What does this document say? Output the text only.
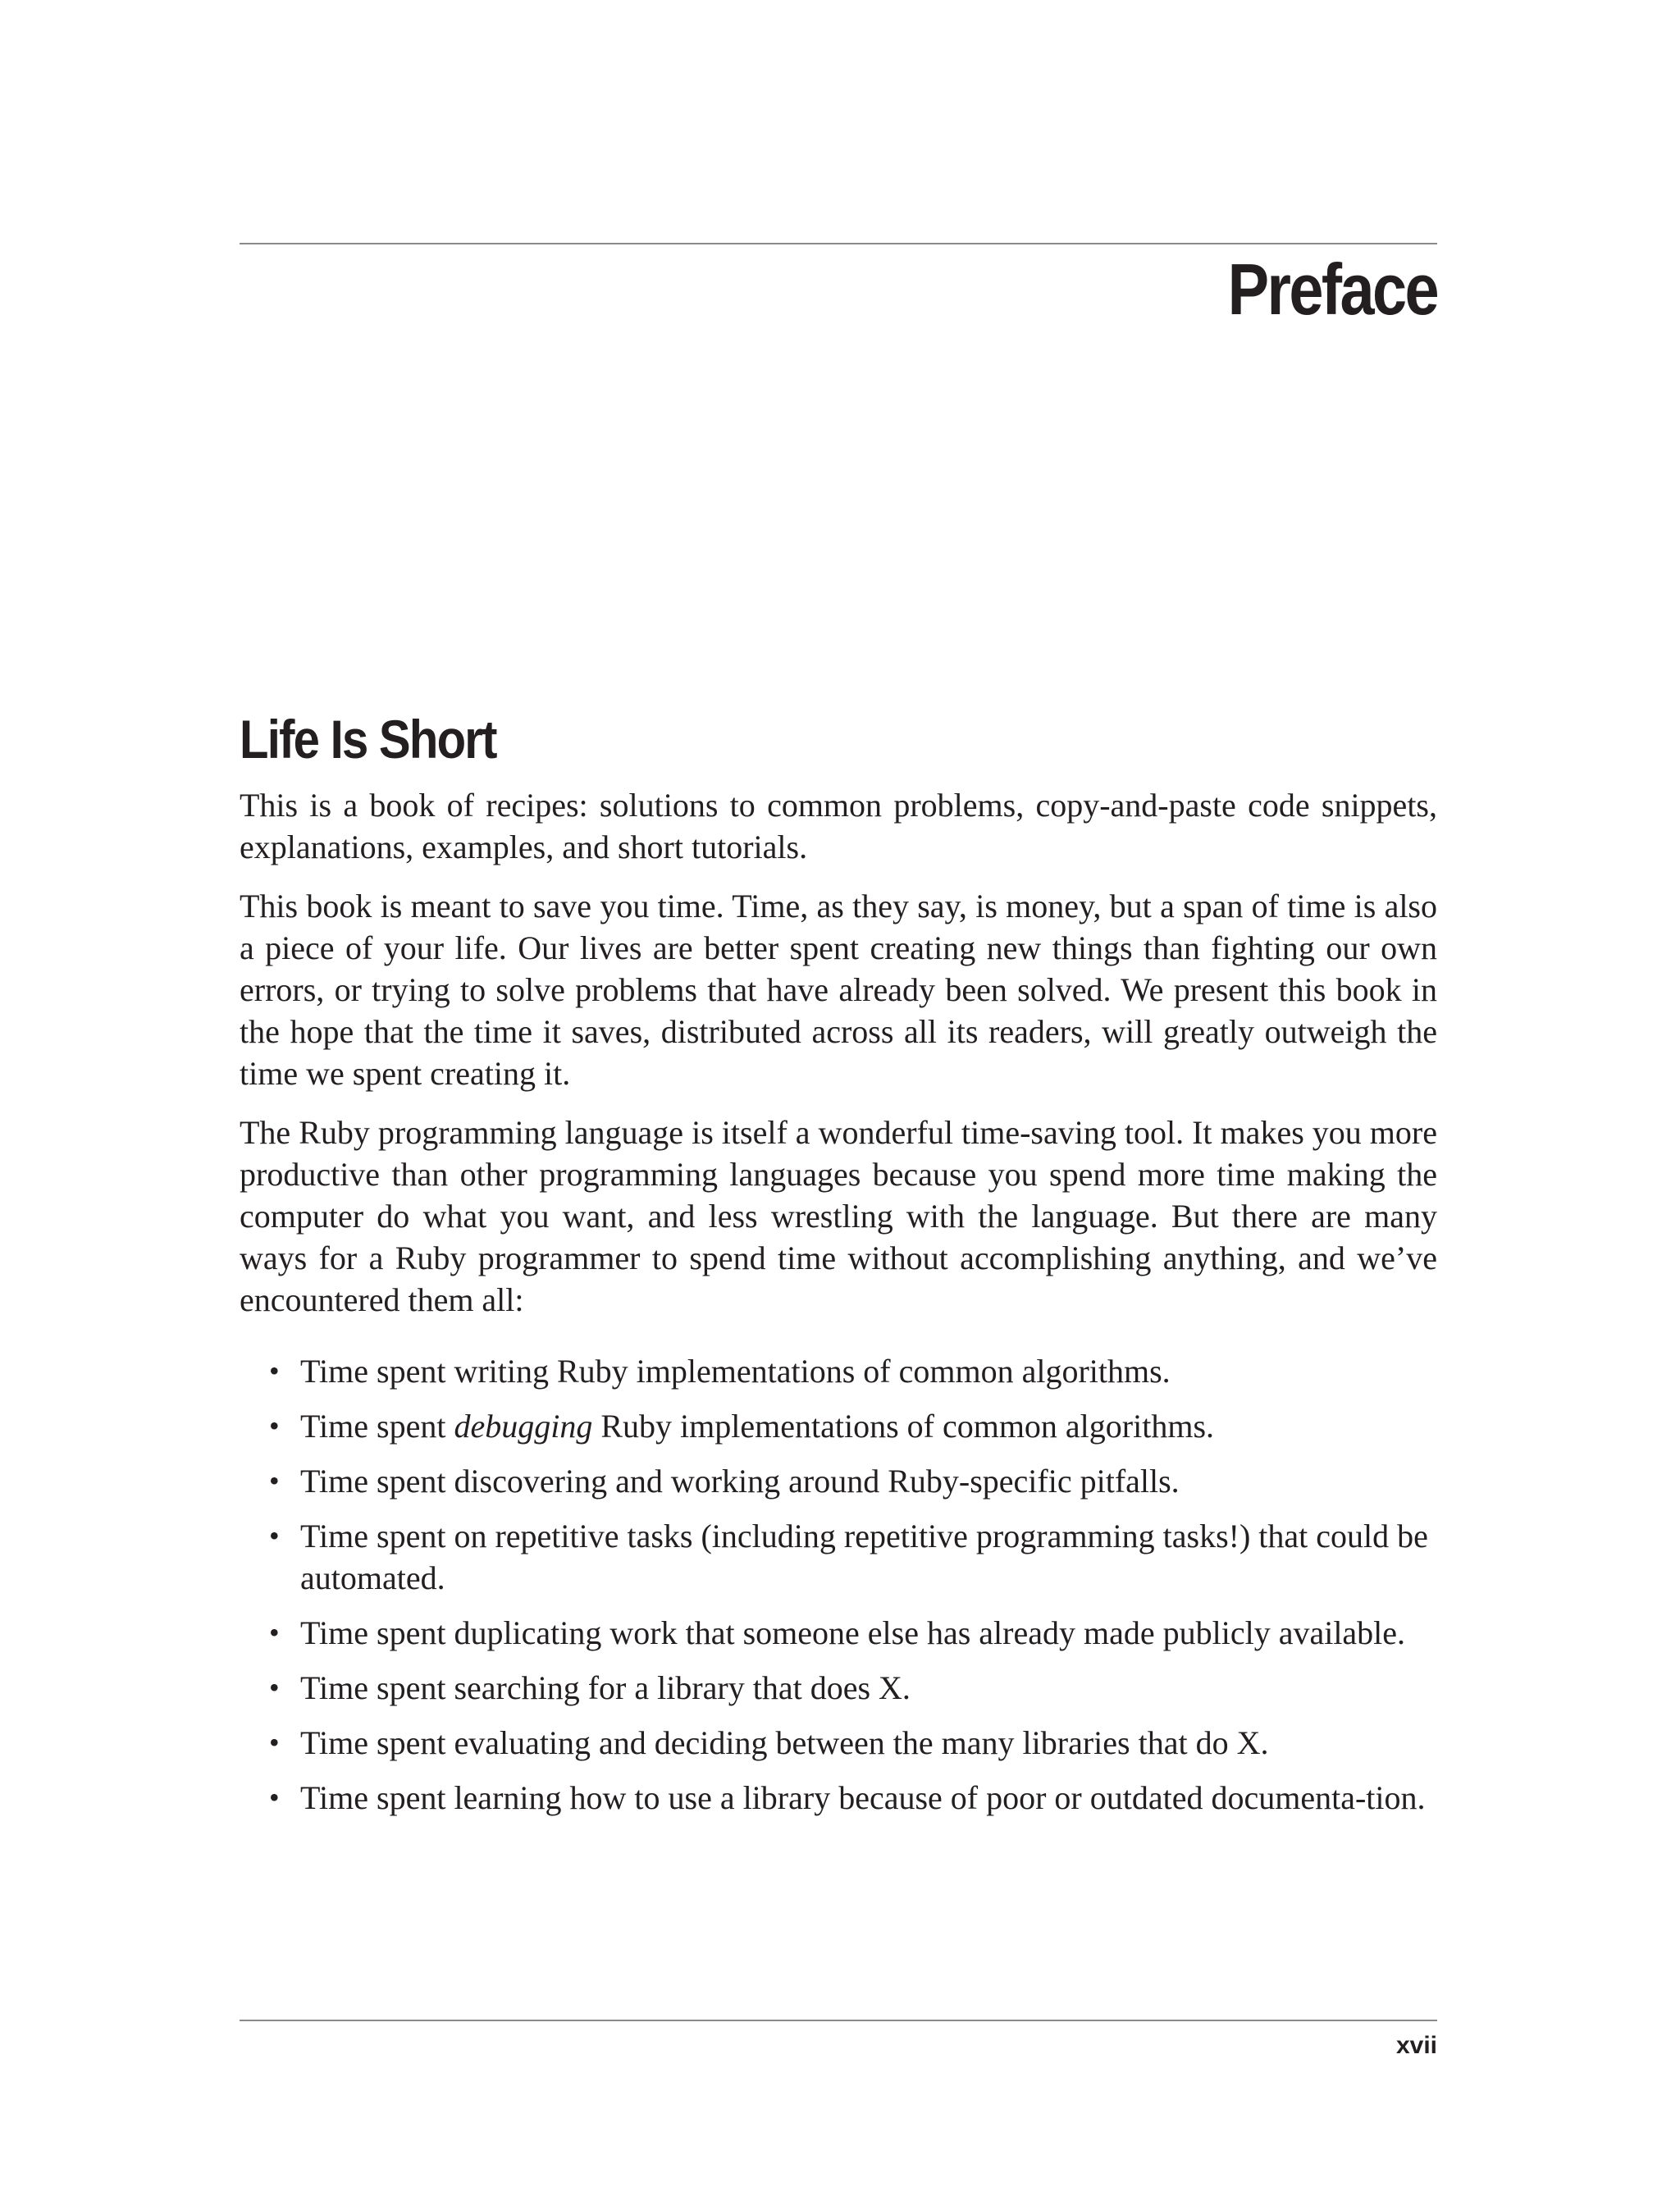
Preface
Life Is Short

This is a book of recipes: solutions to common problems, copy-and-paste code snippets, explanations, examples, and short tutorials.

This book is meant to save you time. Time, as they say, is money, but a span of time is also a piece of your life. Our lives are better spent creating new things than fighting our own errors, or trying to solve problems that have already been solved. We present this book in the hope that the time it saves, distributed across all its readers, will greatly outweigh the time we spent creating it.

The Ruby programming language is itself a wonderful time-saving tool. It makes you more productive than other programming languages because you spend more time making the computer do what you want, and less wrestling with the language. But there are many ways for a Ruby programmer to spend time without accomplishing anything, and we’ve encountered them all:

• Time spent writing Ruby implementations of common algorithms.
• Time spent debugging Ruby implementations of common algorithms.
• Time spent discovering and working around Ruby-specific pitfalls.
• Time spent on repetitive tasks (including repetitive programming tasks!) that could be automated.
• Time spent duplicating work that someone else has already made publicly available.
• Time spent searching for a library that does X.
• Time spent evaluating and deciding between the many libraries that do X.
• Time spent learning how to use a library because of poor or outdated documenta-tion.
xvii
